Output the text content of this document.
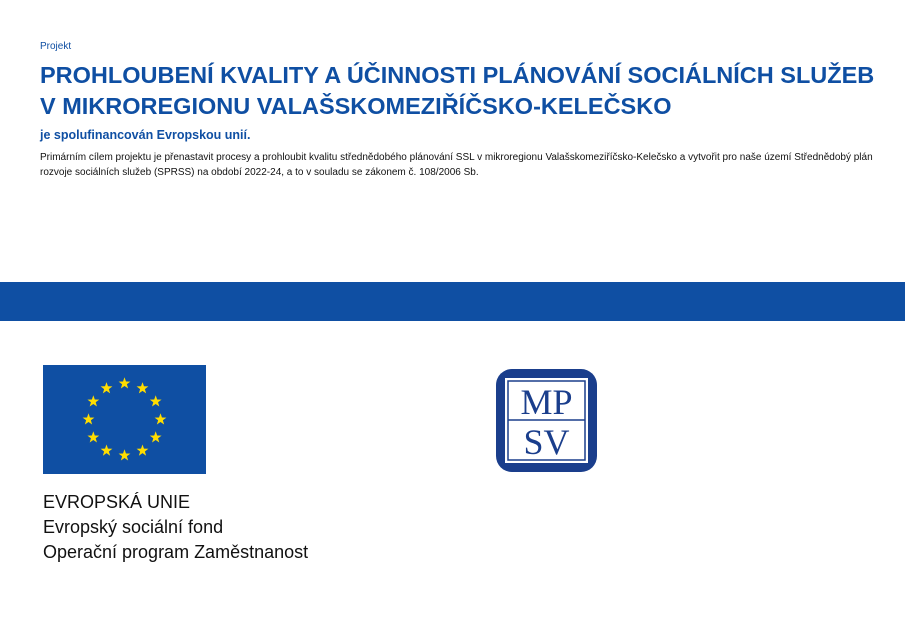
Projekt
PROHLOUBENÍ KVALITY A ÚČINNOSTI PLÁNOVÁNÍ SOCIÁLNÍCH SLUŽEB V MIKROREGIONU VALAŠSKOMEZIŘÍČSKO-KELEČSKO
je spolufinancován Evropskou unií.
Primárním cílem projektu je přenastavit procesy a prohloubit kvalitu střednědobého plánování SSL v mikroregionu Valašskomeziříčsko-Kelečsko a vytvořit pro naše území Střednědobý plán rozvoje sociálních služeb (SPRSS) na období 2022-24, a to v souladu se zákonem č. 108/2006 Sb.
MP
SV
EVROPSKÁ UNIE
Evropský sociální fond
Operační program Zaměstnanost
